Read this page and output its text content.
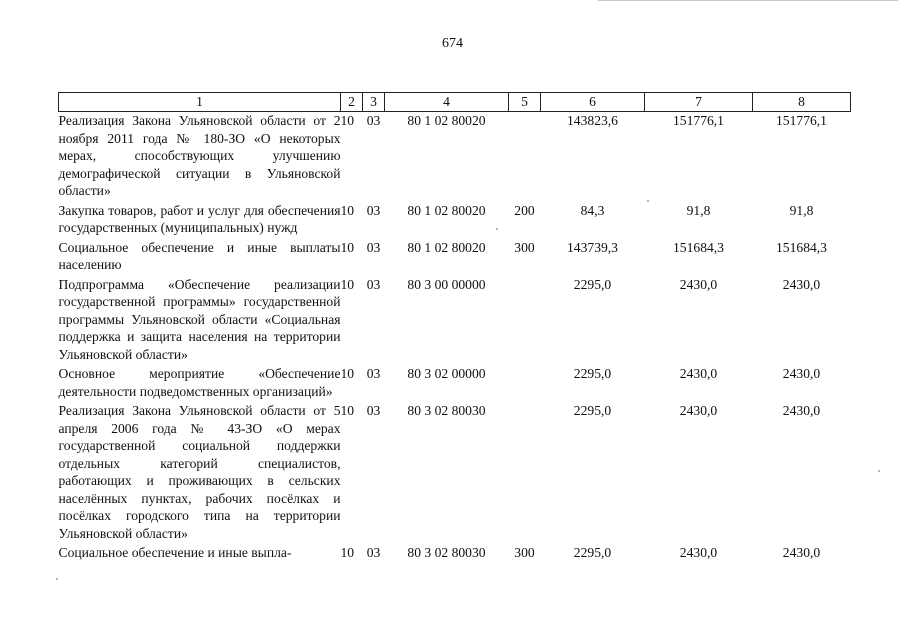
674
1	2	3	4	5	6	7	8
Реализация Закона Ульяновской области от 2 ноября 2011 года № 180-ЗО «О некоторых мерах, способствующих улучшению демографической ситуации в Ульяновской области»	10	03	80 1 02 80020		143823,6	151776,1	151776,1
Закупка товаров, работ и услуг для обеспечения государственных (муниципальных) нужд	10	03	80 1 02 80020	200	84,3	91,8	91,8
Социальное обеспечение и иные выплаты населению	10	03	80 1 02 80020	300	143739,3	151684,3	151684,3
Подпрограмма «Обеспечение реализации государственной программы» государственной программы Ульяновской области «Социальная поддержка и защита населения на территории Ульяновской области»	10	03	80 3 00 00000		2295,0	2430,0	2430,0
Основное мероприятие «Обеспечение деятельности подведомственных организаций»	10	03	80 3 02 00000		2295,0	2430,0	2430,0
Реализация Закона Ульяновской области от 5 апреля 2006 года № 43-ЗО «О мерах государственной социальной поддержки отдельных категорий специалистов, работающих и проживающих в сельских населённых пунктах, рабочих посёлках и посёлках городского типа на территории Ульяновской области»	10	03	80 3 02 80030		2295,0	2430,0	2430,0
Социальное обеспечение и иные выпла-	10	03	80 3 02 80030	300	2295,0	2430,0	2430,0
